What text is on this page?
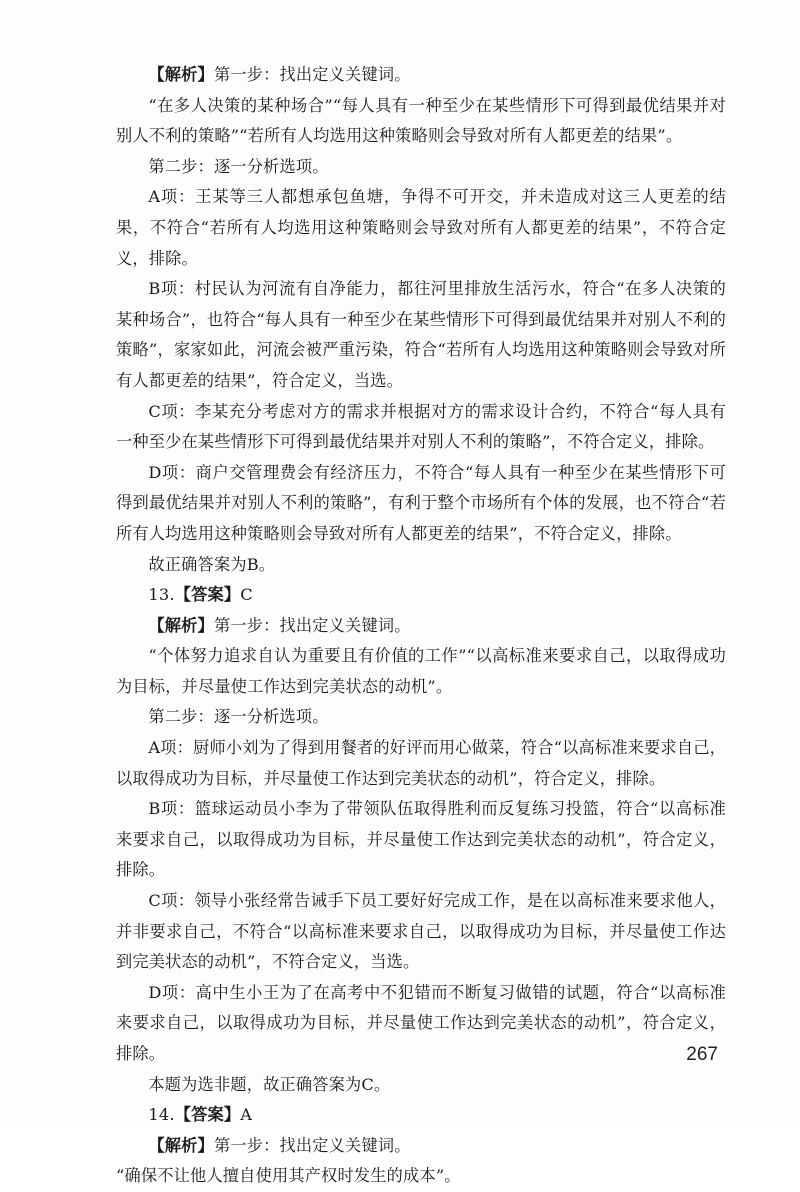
【解析】第一步：找出定义关键词。

“在多人决策的某种场合”“每人具有一种至少在某些情形下可得到最优结果并对别人不利的策略”“若所有人均选用这种策略则会导致对所有人都更差的结果”。

第二步：逐一分析选项。

A项：王某等三人都想承包鱼塘，争得不可开交，并未造成对这三人更差的结果，不符合“若所有人均选用这种策略则会导致对所有人都更差的结果”，不符合定义，排除。

B项：村民认为河流有自净能力，都往河里排放生活污水，符合“在多人决策的某种场合”，也符合“每人具有一种至少在某些情形下可得到最优结果并对别人不利的策略”，家家如此，河流会被严重污染，符合“若所有人均选用这种策略则会导致对所有人都更差的结果”，符合定义，当选。

C项：李某充分考虑对方的需求并根据对方的需求设计合约，不符合“每人具有一种至少在某些情形下可得到最优结果并对别人不利的策略”，不符合定义，排除。

D项：商户交管理费会有经济压力，不符合“每人具有一种至少在某些情形下可得到最优结果并对别人不利的策略”，有利于整个市场所有个体的发展，也不符合“若所有人均选用这种策略则会导致对所有人都更差的结果”，不符合定义，排除。

故正确答案为B。

13.【答案】C

【解析】第一步：找出定义关键词。

“个体努力追求自认为重要且有价值的工作”“以高标准来要求自己，以取得成功为目标，并尽量使工作达到完美状态的动机”。

第二步：逐一分析选项。

A项：厨师小刘为了得到用餐者的好评而用心做菜，符合“以高标准来要求自己，以取得成功为目标，并尽量使工作达到完美状态的动机”，符合定义，排除。

B项：篮球运动员小李为了带领队伍取得胜利而反复练习投篮，符合“以高标准来要求自己，以取得成功为目标，并尽量使工作达到完美状态的动机”，符合定义，排除。

C项：领导小张经常告诫手下员工要好好完成工作，是在以高标准来要求他人，并非要求自己，不符合“以高标准来要求自己，以取得成功为目标，并尽量使工作达到完美状态的动机”，不符合定义，当选。

D项：高中生小王为了在高考中不犯错而不断复习做错的试题，符合“以高标准来要求自己，以取得成功为目标，并尽量使工作达到完美状态的动机”，符合定义，排除。

本题为选非题，故正确答案为C。

14.【答案】A

【解析】第一步：找出定义关键词。

“确保不让他人擅自使用其产权时发生的成本”。

267
